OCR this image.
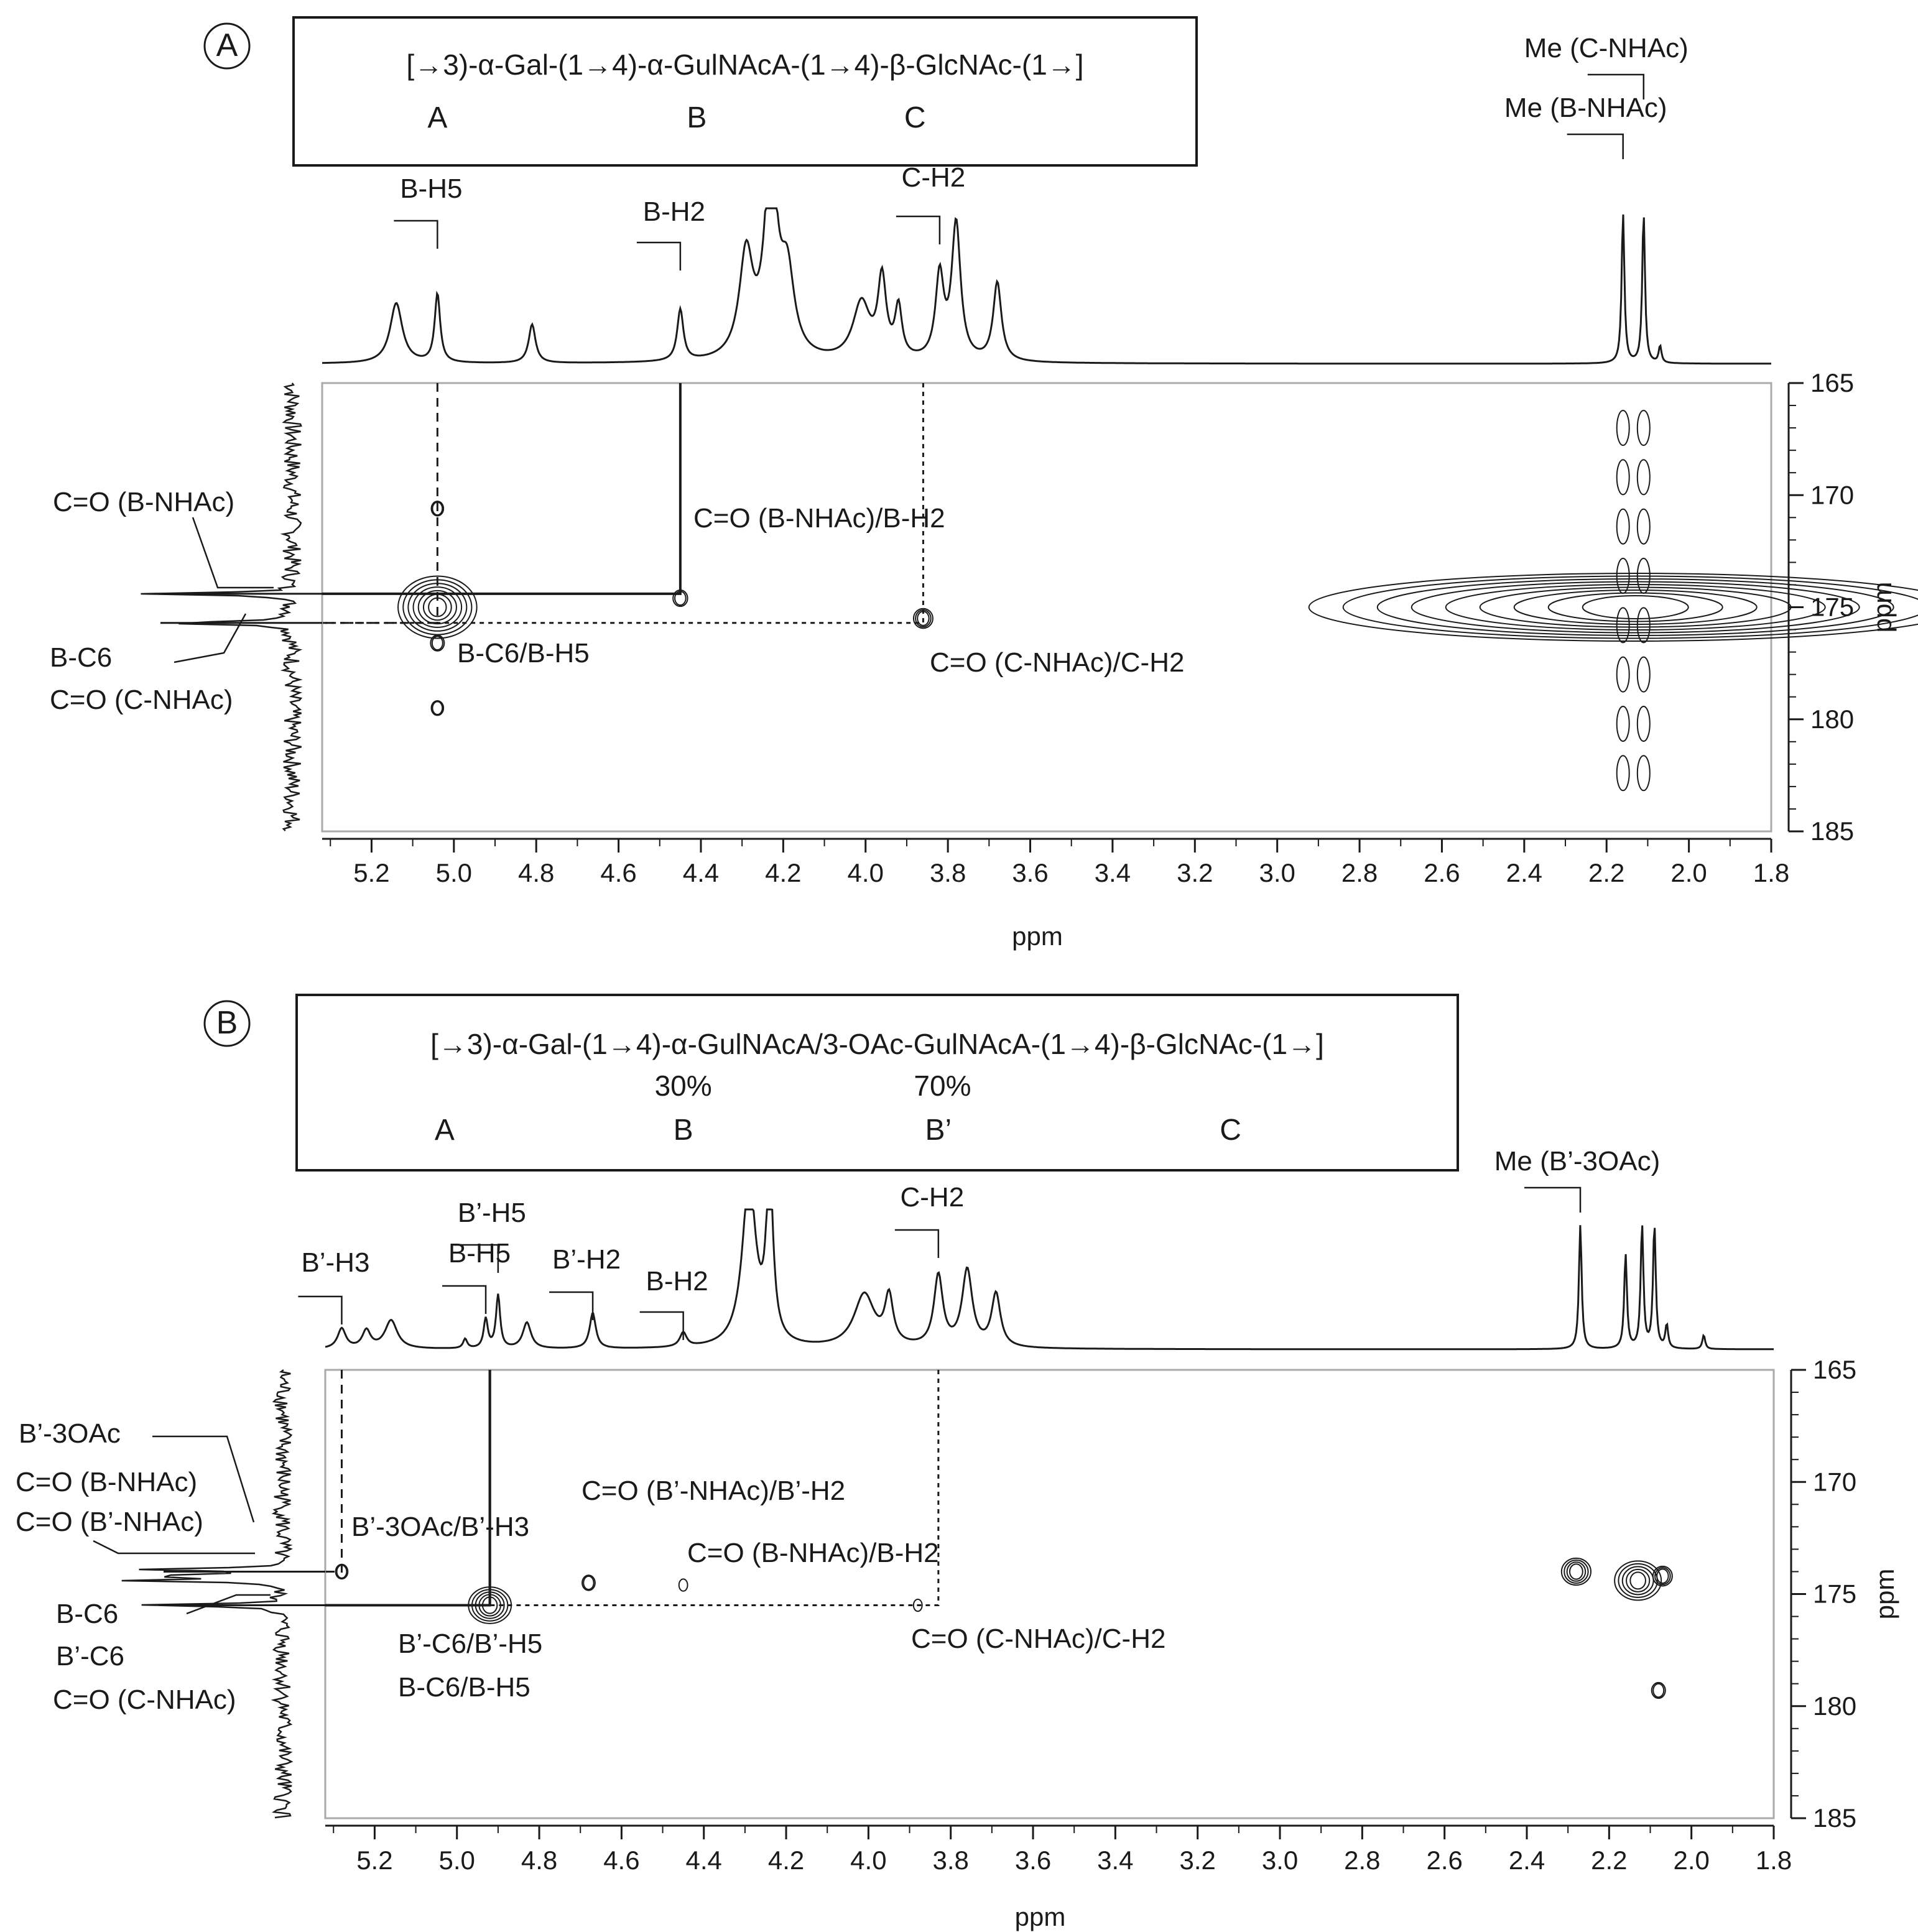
A
[→3)-α-Gal-(1→4)-α-GulNAcA-(1→4)-β-GlcNAc-(1→]
A	B	C
B-H5
B-H2
C-H2
Me (C-NHAc)
Me (B-NHAc)
5.2 5.0 4.8 4.6 4.4 4.2 4.0 3.8 3.6 3.4 3.2 3.0 2.8 2.6 2.4 2.2 2.0 1.8
ppm
165
170
175
180
185
ppm
C=O (B-NHAc)
B-C6
C=O (C-NHAc)
C=O (B-NHAc)/B-H2
B-C6/B-H5	C=O (C-NHAc)/C-H2
B
[→3)-α-Gal-(1→4)-α-GulNAcA/3-OAc-GulNAcA-(1→4)-β-GlcNAc-(1→]
A	B	B’	C
30%	70%
B’-H3
B’-H5
B-H5 B’-H2
B-H2
C-H2
Me (B’-3OAc)
5.2 5.0 4.8 4.6 4.4 4.2 4.0 3.8 3.6 3.4 3.2 3.0 2.8 2.6 2.4 2.2 2.0 1.8
ppm
165
170
175
180
185
ppm
B’-3OAc
C=O (B-NHAc)
C=O (B’-NHAc)
B-C6
B’-C6
C=O (C-NHAc)
B’-3OAc/B’-H3
C=O (B’-NHAc)/B’-H2
C=O (B-NHAc)/B-H2
B’-C6/B’-H5
B-C6/B-H5
C=O (C-NHAc)/C-H2
